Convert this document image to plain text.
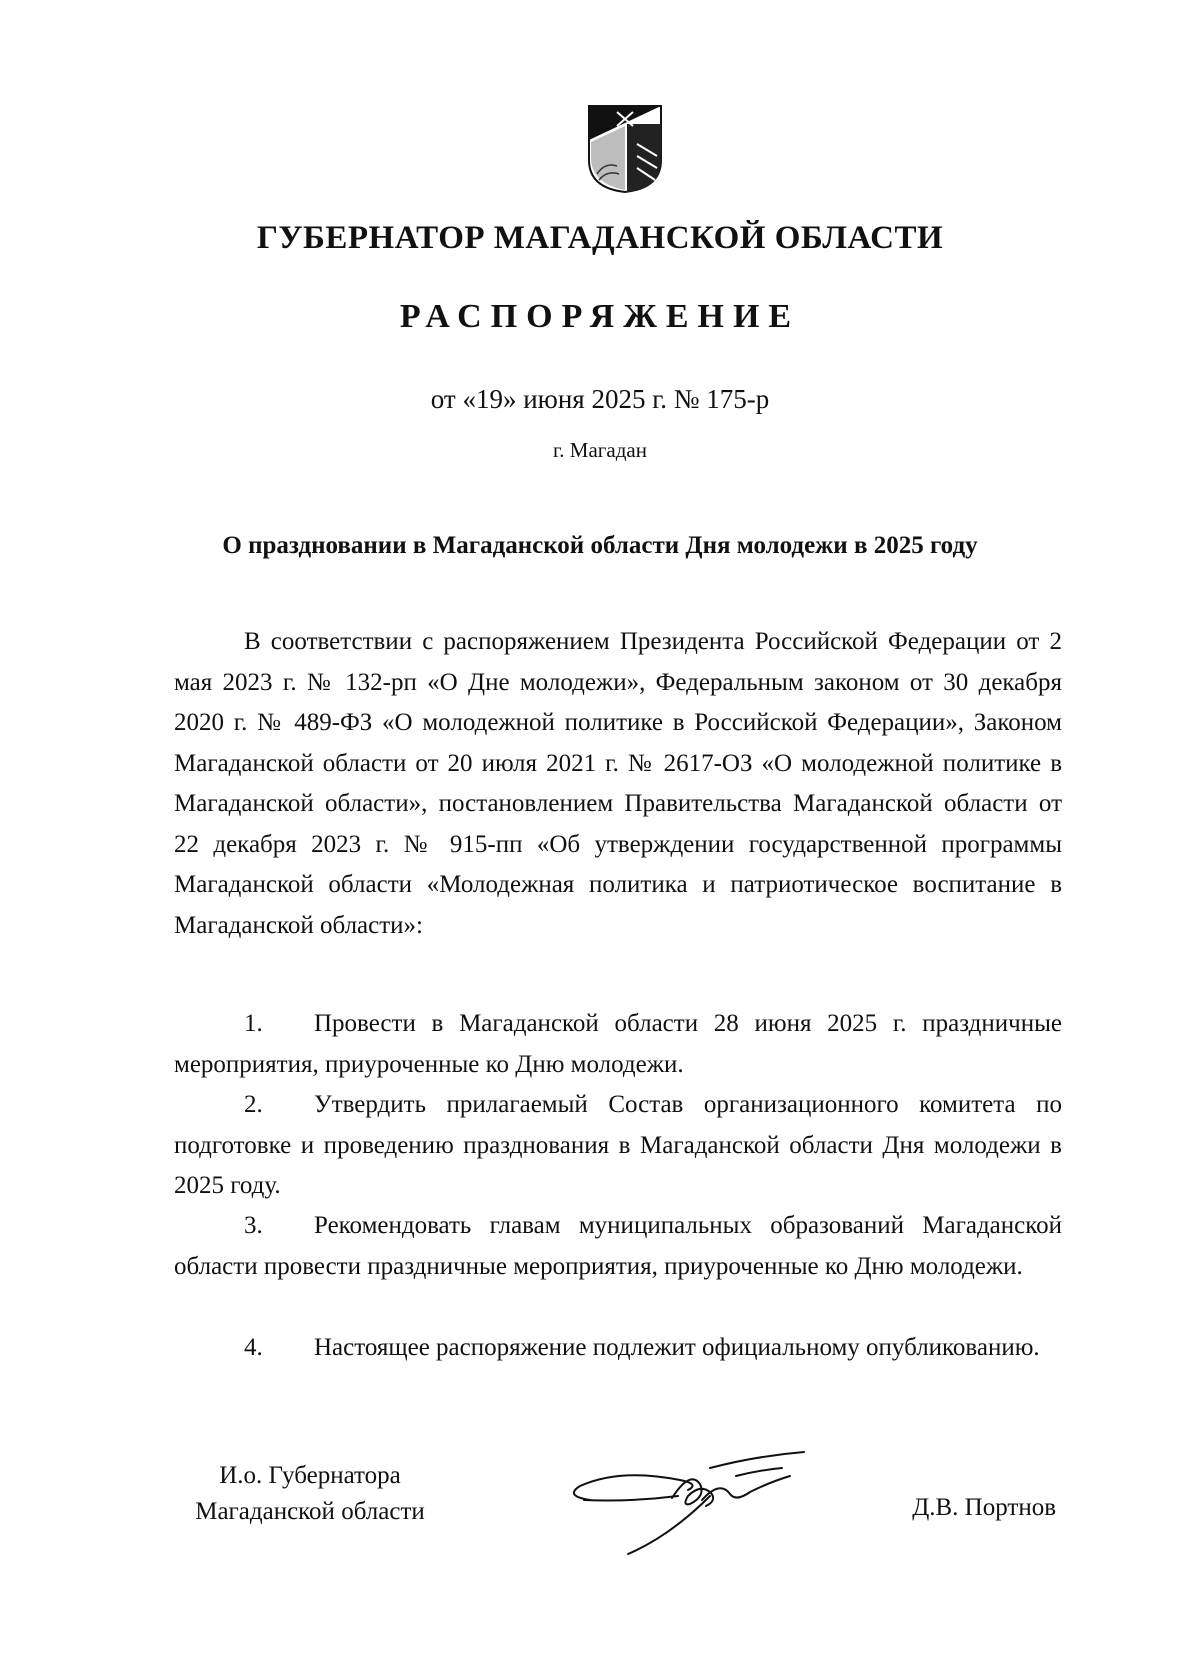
ГУБЕРНАТОР МАГАДАНСКОЙ ОБЛАСТИ
РАСПОРЯЖЕНИЕ
от «19» июня 2025 г. № 175-р
г. Магадан
О праздновании в Магаданской области Дня молодежи в 2025 году
В соответствии с распоряжением Президента Российской Федерации от 2 мая 2023 г. № 132-рп «О Дне молодежи», Федеральным законом от 30 декабря 2020 г. № 489-ФЗ «О молодежной политике в Российской Федерации», Законом Магаданской области от 20 июля 2021 г. № 2617-ОЗ «О молодежной политике в Магаданской области», постановлением Правительства Магаданской области от 22 декабря 2023 г. № 915-пп «Об утверждении государственной программы Магаданской области «Молодежная политика и патриотическое воспитание в Магаданской области»:
1. Провести в Магаданской области 28 июня 2025 г. праздничные мероприятия, приуроченные ко Дню молодежи.
2. Утвердить прилагаемый Состав организационного комитета по подготовке и проведению празднования в Магаданской области Дня молодежи в 2025 году.
3. Рекомендовать главам муниципальных образований Магаданской области провести праздничные мероприятия, приуроченные ко Дню молодежи.
4. Настоящее распоряжение подлежит официальному опубликованию.
И.о. Губернатора
Магаданской области	Д.В. Портнов
